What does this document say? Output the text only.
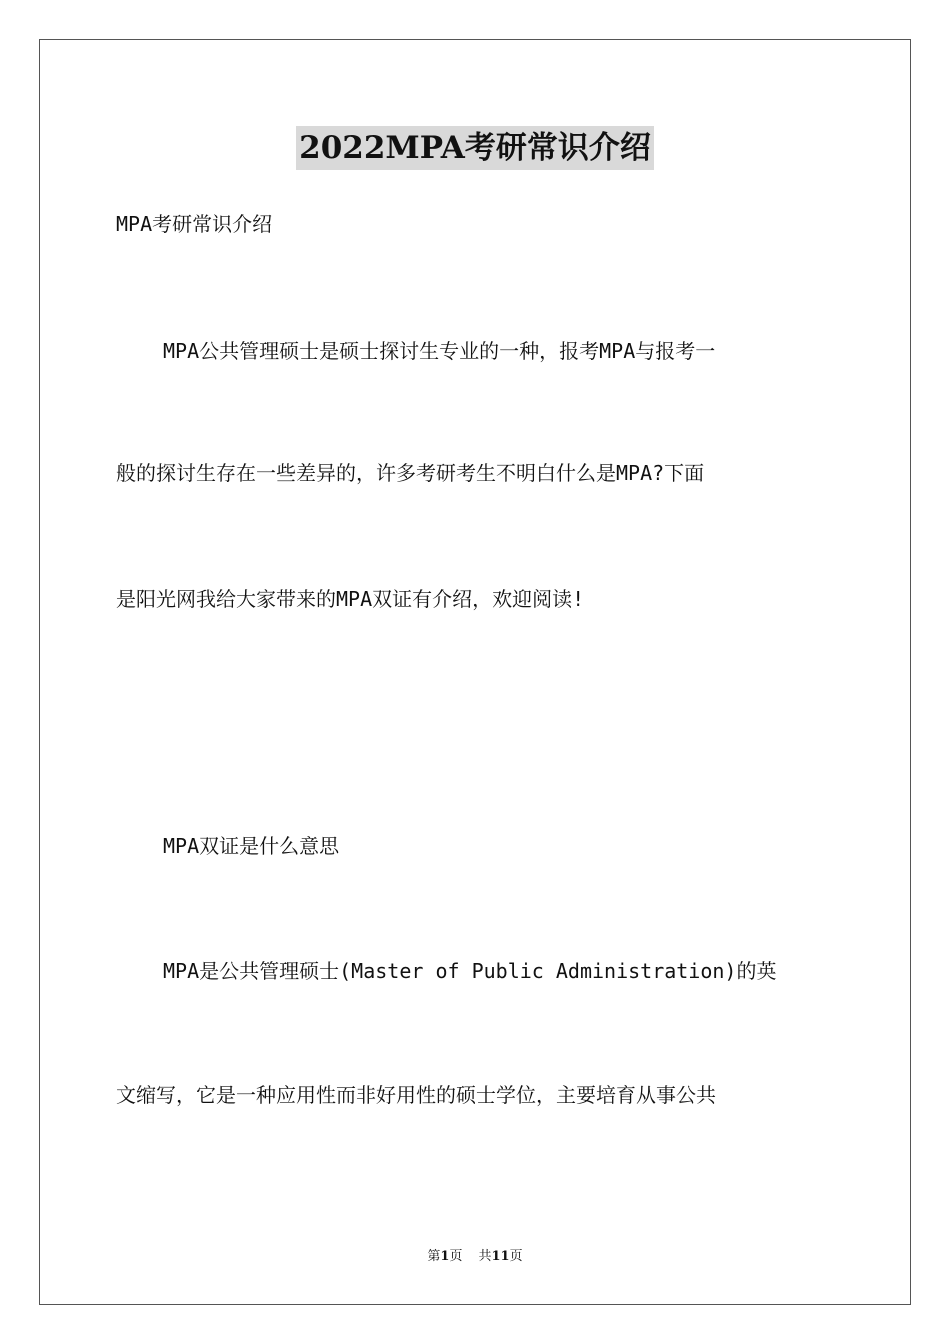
2022MPA考研常识介绍
MPA考研常识介绍
MPA公共管理硕士是硕士探讨生专业的一种，报考MPA与报考一
般的探讨生存在一些差异的，许多考研考生不明白什么是MPA?下面
是阳光网我给大家带来的MPA双证有介绍，欢迎阅读!
MPA双证是什么意思
MPA是公共管理硕士(Master of Public Administration)的英
文缩写，它是一种应用性而非好用性的硕士学位，主要培育从事公共
第1页 共11页
